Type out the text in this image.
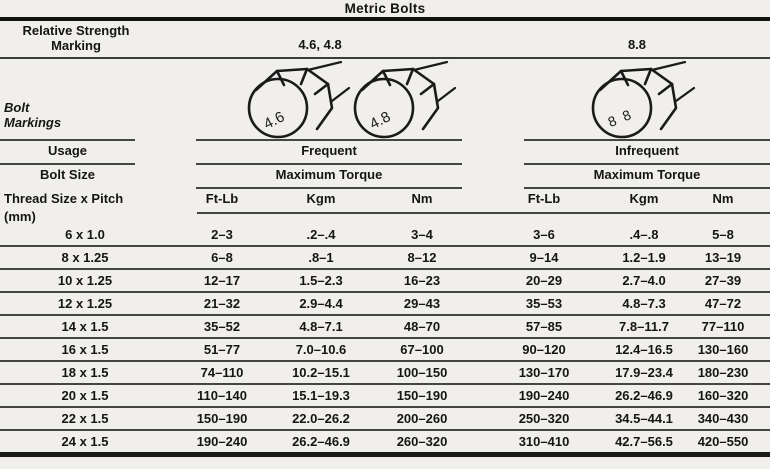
Metric Bolts
Relative Strength
Marking	4.6, 4.8	8.8
4.6	4.8	8 8
Bolt
Markings
Usage	Frequent	Infrequent
Bolt Size	Maximum Torque	Maximum Torque
Thread Size x Pitch
(mm)
Ft-Lb	Kgm	Nm	Ft-Lb	Kgm	Nm
6 x 1.0	2–3	.2–.4	3–4	3–6	.4–.8	5–8
8 x 1.25	6–8	.8–1	8–12	9–14	1.2–1.9	13–19
10 x 1.25	12–17	1.5–2.3	16–23	20–29	2.7–4.0	27–39
12 x 1.25	21–32	2.9–4.4	29–43	35–53	4.8–7.3	47–72
14 x 1.5	35–52	4.8–7.1	48–70	57–85	7.8–11.7	77–110
16 x 1.5	51–77	7.0–10.6	67–100	90–120	12.4–16.5	130–160
18 x 1.5	74–110	10.2–15.1	100–150	130–170	17.9–23.4	180–230
20 x 1.5	110–140	15.1–19.3	150–190	190–240	26.2–46.9	160–320
22 x 1.5	150–190	22.0–26.2	200–260	250–320	34.5–44.1	340–430
24 x 1.5	190–240	26.2–46.9	260–320	310–410	42.7–56.5	420–550
